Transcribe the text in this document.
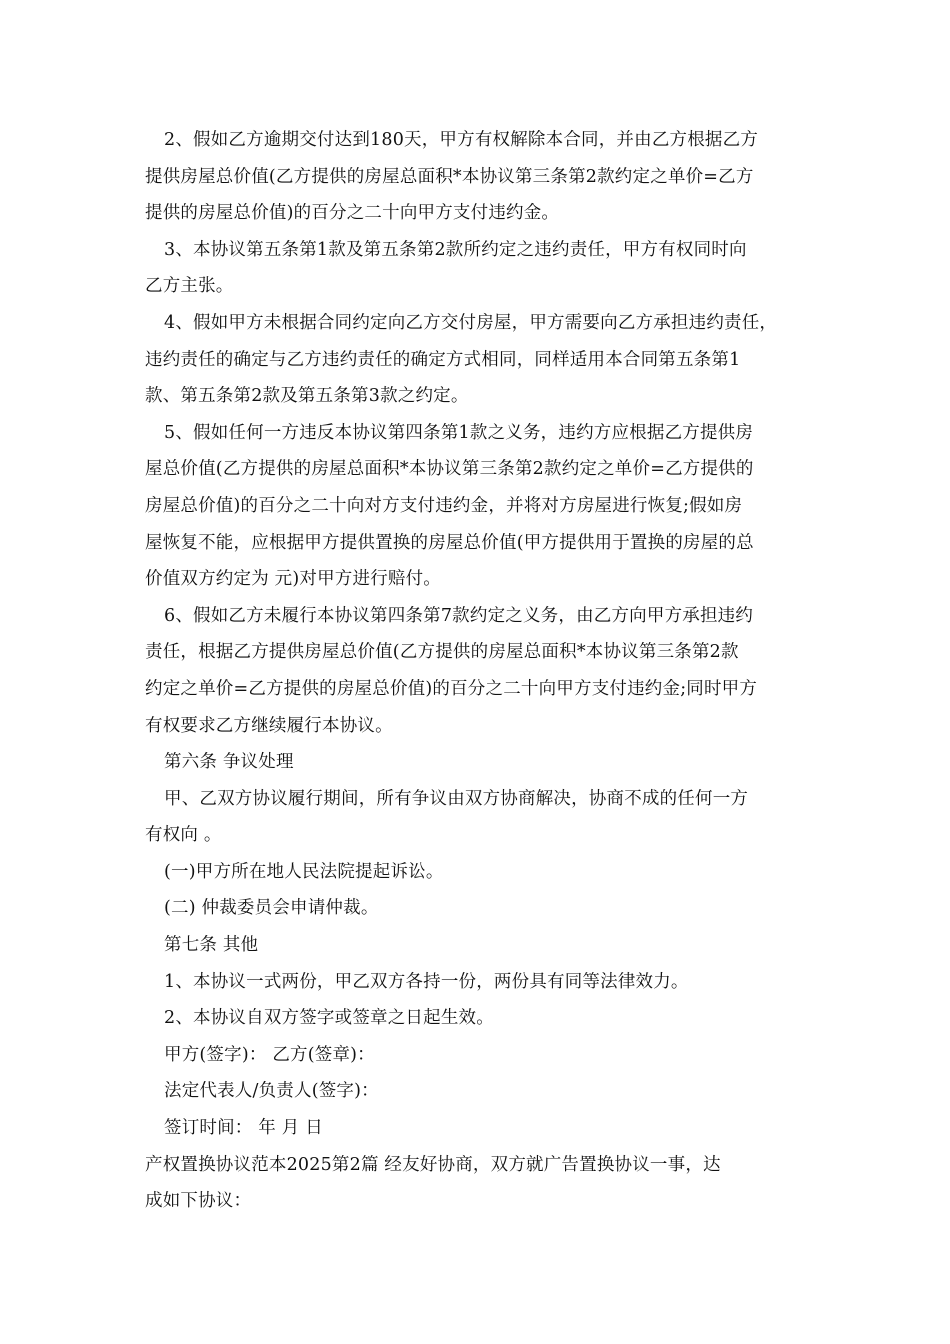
2、假如乙方逾期交付达到180天，甲方有权解除本合同，并由乙方根据乙方
提供房屋总价值(乙方提供的房屋总面积*本协议第三条第2款约定之单价=乙方
提供的房屋总价值)的百分之二十向甲方支付违约金。
3、本协议第五条第1款及第五条第2款所约定之违约责任，甲方有权同时向
乙方主张。
4、假如甲方未根据合同约定向乙方交付房屋，甲方需要向乙方承担违约责任，
违约责任的确定与乙方违约责任的确定方式相同，同样适用本合同第五条第1
款、第五条第2款及第五条第3款之约定。
5、假如任何一方违反本协议第四条第1款之义务，违约方应根据乙方提供房
屋总价值(乙方提供的房屋总面积*本协议第三条第2款约定之单价=乙方提供的
房屋总价值)的百分之二十向对方支付违约金，并将对方房屋进行恢复;假如房
屋恢复不能，应根据甲方提供置换的房屋总价值(甲方提供用于置换的房屋的总
价值双方约定为 元)对甲方进行赔付。
6、假如乙方未履行本协议第四条第7款约定之义务，由乙方向甲方承担违约
责任，根据乙方提供房屋总价值(乙方提供的房屋总面积*本协议第三条第2款
约定之单价=乙方提供的房屋总价值)的百分之二十向甲方支付违约金;同时甲方
有权要求乙方继续履行本协议。
第六条 争议处理
甲、乙双方协议履行期间，所有争议由双方协商解决，协商不成的任何一方
有权向 。
(一)甲方所在地人民法院提起诉讼。
(二) 仲裁委员会申请仲裁。
第七条 其他
1、本协议一式两份，甲乙双方各持一份，两份具有同等法律效力。
2、本协议自双方签字或签章之日起生效。
甲方(签字)： 乙方(签章)：
法定代表人/负责人(签字)：
签订时间： 年 月 日
产权置换协议范本2025第2篇 经友好协商，双方就广告置换协议一事，达
成如下协议：
